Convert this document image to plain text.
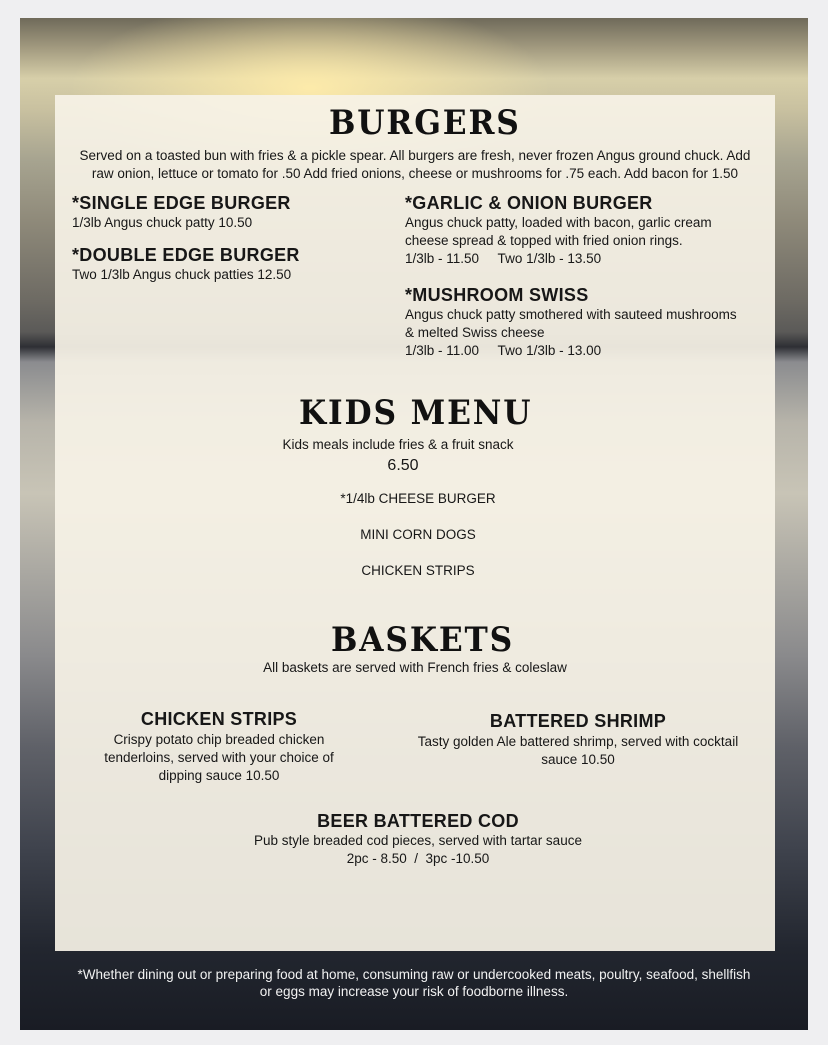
BURGERS
Served on a toasted bun with fries & a pickle spear. All burgers are fresh, never frozen Angus ground chuck. Add
raw onion, lettuce or tomato for .50 Add fried onions, cheese or mushrooms for .75 each. Add bacon for 1.50
*SINGLE EDGE BURGER
1/3lb Angus chuck patty 10.50
*DOUBLE EDGE BURGER
Two 1/3lb Angus chuck patties 12.50
*GARLIC & ONION BURGER
Angus chuck patty, loaded with bacon, garlic cream
cheese spread & topped with fried onion rings.
1/3lb - 11.50     Two 1/3lb - 13.50
*MUSHROOM SWISS
Angus chuck patty smothered with sauteed mushrooms
& melted Swiss cheese
1/3lb - 11.00     Two 1/3lb - 13.00
KIDS MENU
Kids meals include fries & a fruit snack
6.50
*1/4lb CHEESE BURGER
MINI CORN DOGS
CHICKEN STRIPS
BASKETS
All baskets are served with French fries & coleslaw
CHICKEN STRIPS
Crispy potato chip breaded chicken
tenderloins, served with your choice of
dipping sauce 10.50
BATTERED SHRIMP
Tasty golden Ale battered shrimp, served with cocktail
sauce 10.50
BEER BATTERED COD
Pub style breaded cod pieces, served with tartar sauce
2pc - 8.50  /  3pc -10.50
*Whether dining out or preparing food at home, consuming raw or undercooked meats, poultry, seafood, shellfish
or eggs may increase your risk of foodborne illness.
